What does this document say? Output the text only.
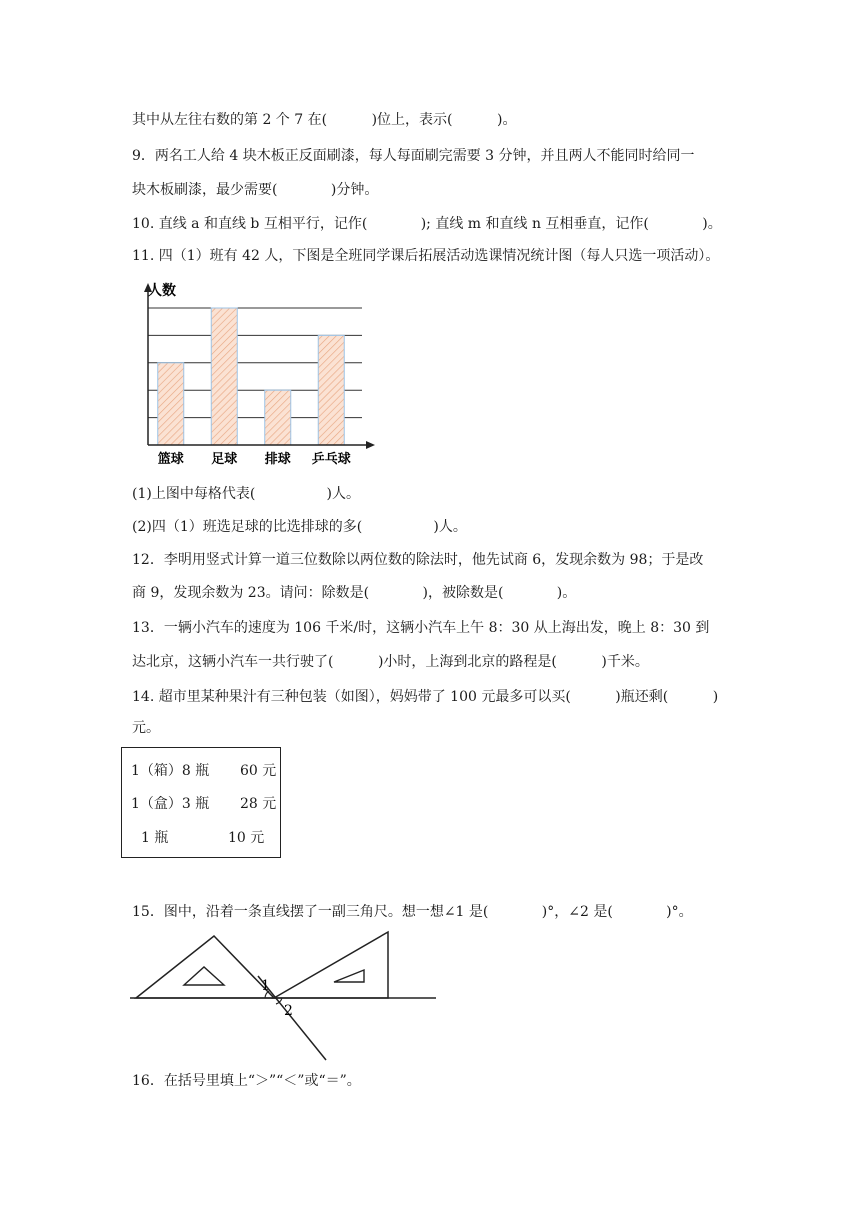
其中从左往右数的第 2 个 7 在(          )位上，表示(          )。
9．两名工人给 4 块木板正反面刷漆，每人每面刷完需要 3 分钟，并且两人不能同时给同一
块木板刷漆，最少需要(            )分钟。
10. 直线 a 和直线 b 互相平行，记作(            ); 直线 m 和直线 n 互相垂直，记作(            )。
11. 四（1）班有 42 人，下图是全班同学课后拓展活动选课情况统计图（每人只选一项活动）。
人数
篮球 足球 排球 乒乓球
(1)上图中每格代表(                )人。
(2)四（1）班选足球的比选排球的多(                )人。
12．李明用竖式计算一道三位数除以两位数的除法时，他先试商 6，发现余数为 98；于是改
商 9，发现余数为 23。请问：除数是(            )，被除数是(            )。
13．一辆小汽车的速度为 106 千米/时，这辆小汽车上午 8：30 从上海出发，晚上 8：30 到
达北京，这辆小汽车一共行驶了(          )小时，上海到北京的路程是(          )千米。
14. 超市里某种果汁有三种包装（如图），妈妈带了 100 元最多可以买(          )瓶还剩(          )
元。
1（箱）8 瓶 60 元
1（盒）3 瓶 28 元
1 瓶	10 元
15．图中，沿着一条直线摆了一副三角尺。想一想∠1 是(            )°，∠2 是(            )°。
1
2
16．在括号里填上“＞”“＜”或“＝”。
